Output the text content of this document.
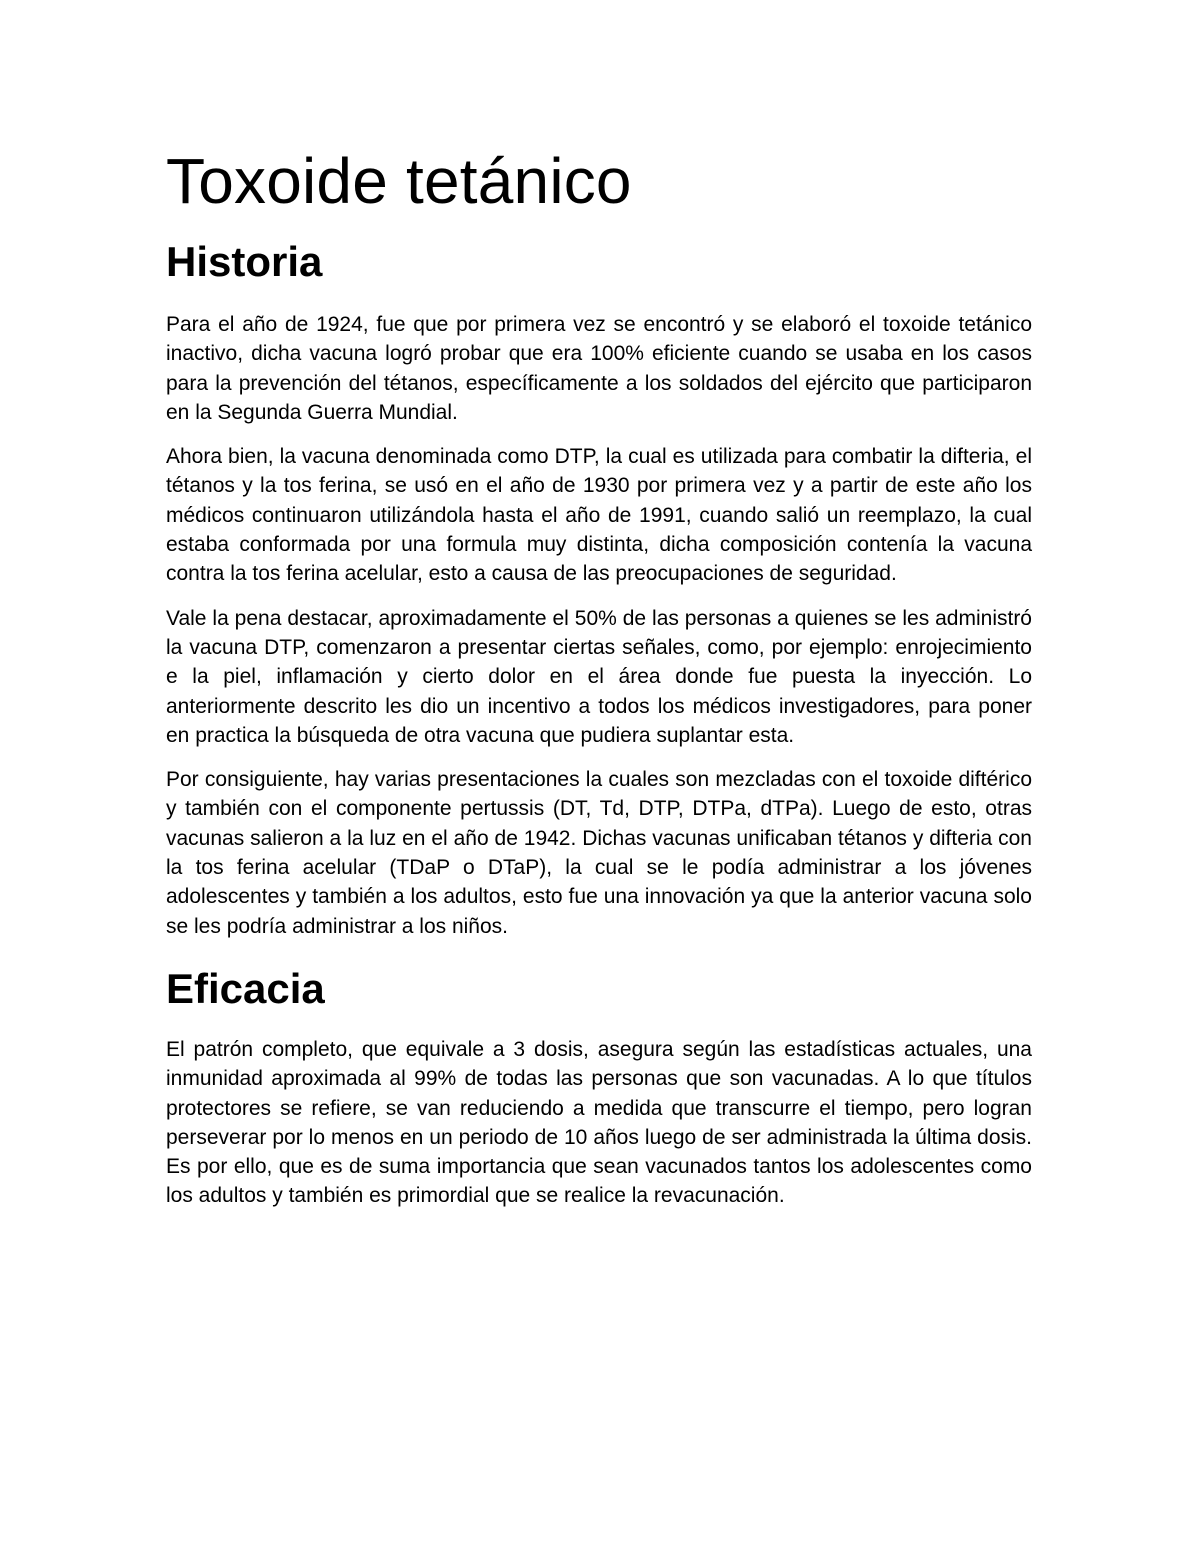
Toxoide tetánico
Historia

Para el año de 1924, fue que por primera vez se encontró y se elaboró el toxoide tetánico inactivo, dicha vacuna logró probar que era 100% eficiente cuando se usaba en los casos para la prevención del tétanos, específicamente a los soldados del ejército que participaron en la Segunda Guerra Mundial.

Ahora bien, la vacuna denominada como DTP, la cual es utilizada para combatir la difteria, el tétanos y la tos ferina, se usó en el año de 1930 por primera vez y a partir de este año los médicos continuaron utilizándola hasta el año de 1991, cuando salió un reemplazo, la cual estaba conformada por una formula muy distinta, dicha composición contenía la vacuna contra la tos ferina acelular, esto a causa de las preocupaciones de seguridad.

Vale la pena destacar, aproximadamente el 50% de las personas a quienes se les administró la vacuna DTP, comenzaron a presentar ciertas señales, como, por ejemplo: enrojecimiento e la piel, inflamación y cierto dolor en el área donde fue puesta la inyección. Lo anteriormente descrito les dio un incentivo a todos los médicos investigadores, para poner en practica la búsqueda de otra vacuna que pudiera suplantar esta.

Por consiguiente, hay varias presentaciones la cuales son mezcladas con el toxoide diftérico y también con el componente pertussis (DT, Td, DTP, DTPa, dTPa). Luego de esto, otras vacunas salieron a la luz en el año de 1942. Dichas vacunas unificaban tétanos y difteria con la tos ferina acelular (TDaP o DTaP), la cual se le podía administrar a los jóvenes adolescentes y también a los adultos, esto fue una innovación ya que la anterior vacuna solo se les podría administrar a los niños.

Eficacia

El patrón completo, que equivale a 3 dosis, asegura según las estadísticas actuales, una inmunidad aproximada al 99% de todas las personas que son vacunadas. A lo que títulos protectores se refiere, se van reduciendo a medida que transcurre el tiempo, pero logran perseverar por lo menos en un periodo de 10 años luego de ser administrada la última dosis. Es por ello, que es de suma importancia que sean vacunados tantos los adolescentes como los adultos y también es primordial que se realice la revacunación.
